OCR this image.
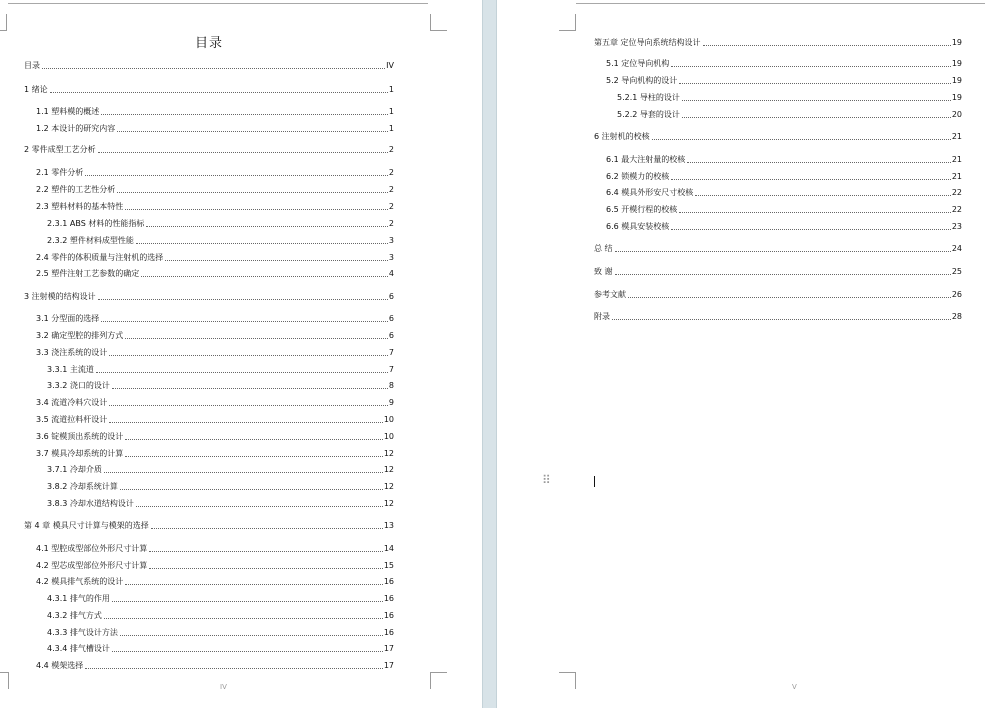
目录
目录	IV
1 绪论	1
1.1 塑料模的概述	1
1.2 本设计的研究内容	1
2 零件成型工艺分析	2
2.1 零件分析	2
2.2 塑件的工艺性分析	2
2.3 塑料材料的基本特性	2
2.3.1 ABS 材料的性能指标	2
2.3.2 塑件材料成型性能	3
2.4 零件的体积质量与注射机的选择	3
2.5 塑件注射工艺参数的确定	4
3 注射模的结构设计	6
3.1 分型面的选择	6
3.2 确定型腔的排列方式	6
3.3 浇注系统的设计	7
3.3.1 主流道	7
3.3.2 浇口的设计	8
3.4 流道冷料穴设计	9
3.5 流道拉料杆设计	10
3.6 锭模顶出系统的设计	10
3.7 模具冷却系统的计算	12
3.7.1 冷却介质	12
3.8.2 冷却系统计算	12
3.8.3 冷却水道结构设计	12
第 4 章 模具尺寸计算与模架的选择	13
4.1 型腔成型部位外形尺寸计算	14
4.2 型芯成型部位外形尺寸计算	15
4.2 模具排气系统的设计	16
4.3.1 排气的作用	16
4.3.2 排气方式	16
4.3.3 排气设计方法	16
4.3.4 排气槽设计	17
4.4 模架选择	17
第五章 定位导向系统结构设计	19
5.1 定位导向机构	19
5.2 导向机构的设计	19
5.2.1 导柱的设计	19
5.2.2 导套的设计	20
6 注射机的校核	21
6.1 最大注射量的校核	21
6.2 锁模力的校核	21
6.4 模具外形安尺寸校核	22
6.5 开模行程的校核	22
6.6 模具安装校核	23
总 结	24
致 谢	25
参考文献	26
附录	28
IV	V
⠿
